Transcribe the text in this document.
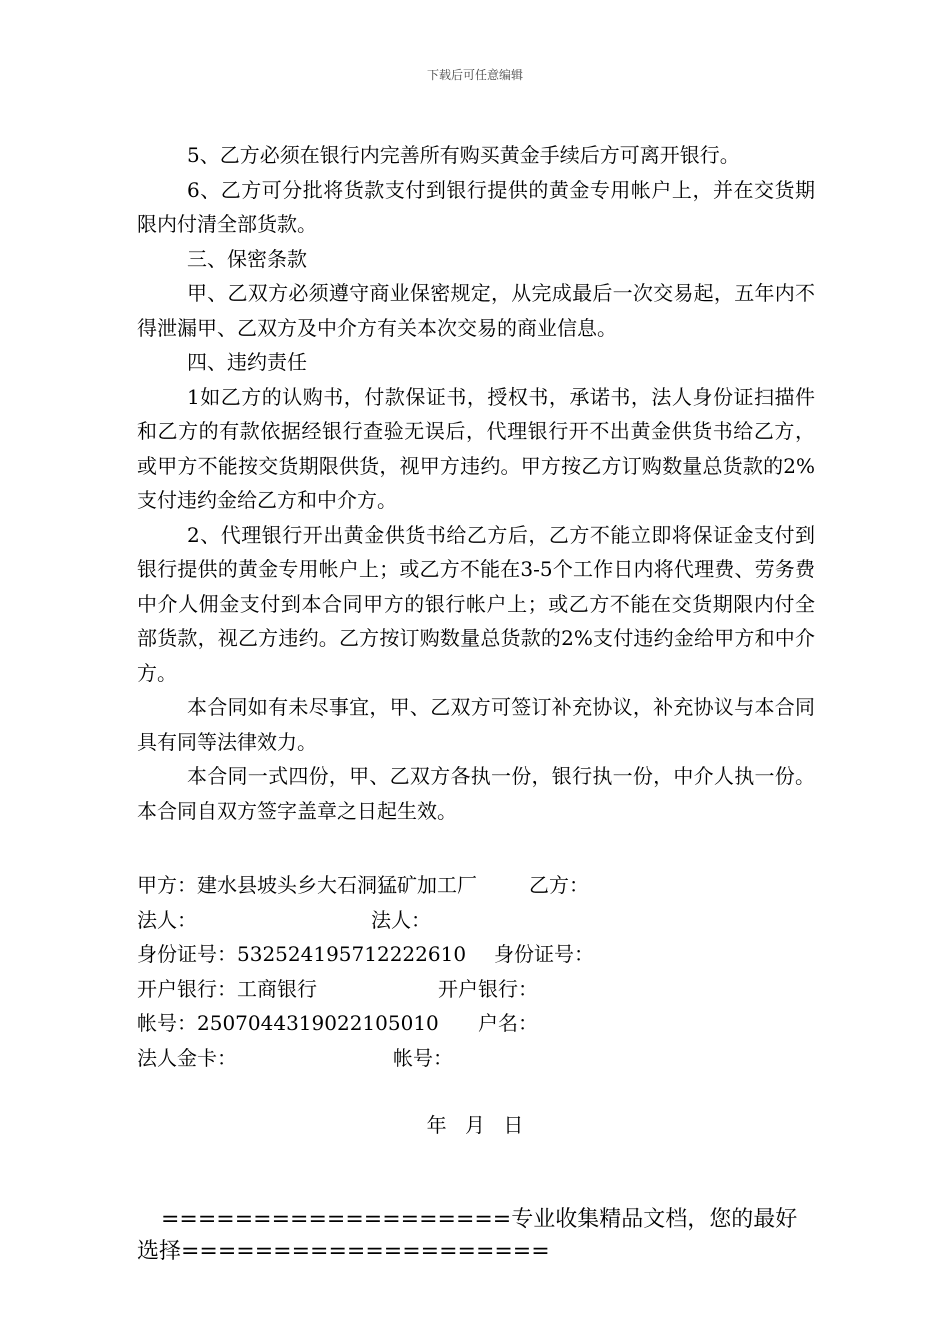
下载后可任意编辑

5、乙方必须在银行内完善所有购买黄金手续后方可离开银行。

6、乙方可分批将货款支付到银行提供的黄金专用帐户上，并在交货期限内付清全部货款。

三、保密条款

甲、乙双方必须遵守商业保密规定，从完成最后一次交易起，五年内不得泄漏甲、乙双方及中介方有关本次交易的商业信息。

四、违约责任

1如乙方的认购书，付款保证书，授权书，承诺书，法人身份证扫描件和乙方的有款依据经银行查验无误后，代理银行开不出黄金供货书给乙方，或甲方不能按交货期限供货，视甲方违约。甲方按乙方订购数量总货款的2%支付违约金给乙方和中介方。

2、代理银行开出黄金供货书给乙方后，乙方不能立即将保证金支付到银行提供的黄金专用帐户上；或乙方不能在3-5个工作日内将代理费、劳务费中介人佣金支付到本合同甲方的银行帐户上；或乙方不能在交货期限内付全部货款，视乙方违约。乙方按订购数量总货款的2%支付违约金给甲方和中介方。

本合同如有未尽事宜，甲、乙双方可签订补充协议，补充协议与本合同具有同等法律效力。

本合同一式四份，甲、乙双方各执一份，银行执一份，中介人执一份。本合同自双方签字盖章之日起生效。

甲方：建水县坡头乡大石洞猛矿加工厂	乙方：
法人：	法人：
身份证号：532524195712222610 身份证号：
开户银行：工商银行	开户银行：
帐号：2507044319022105010 户名：
法人金卡：	帐号：
年 月 日
===================专业收集精品文档，您的最好选择====================
